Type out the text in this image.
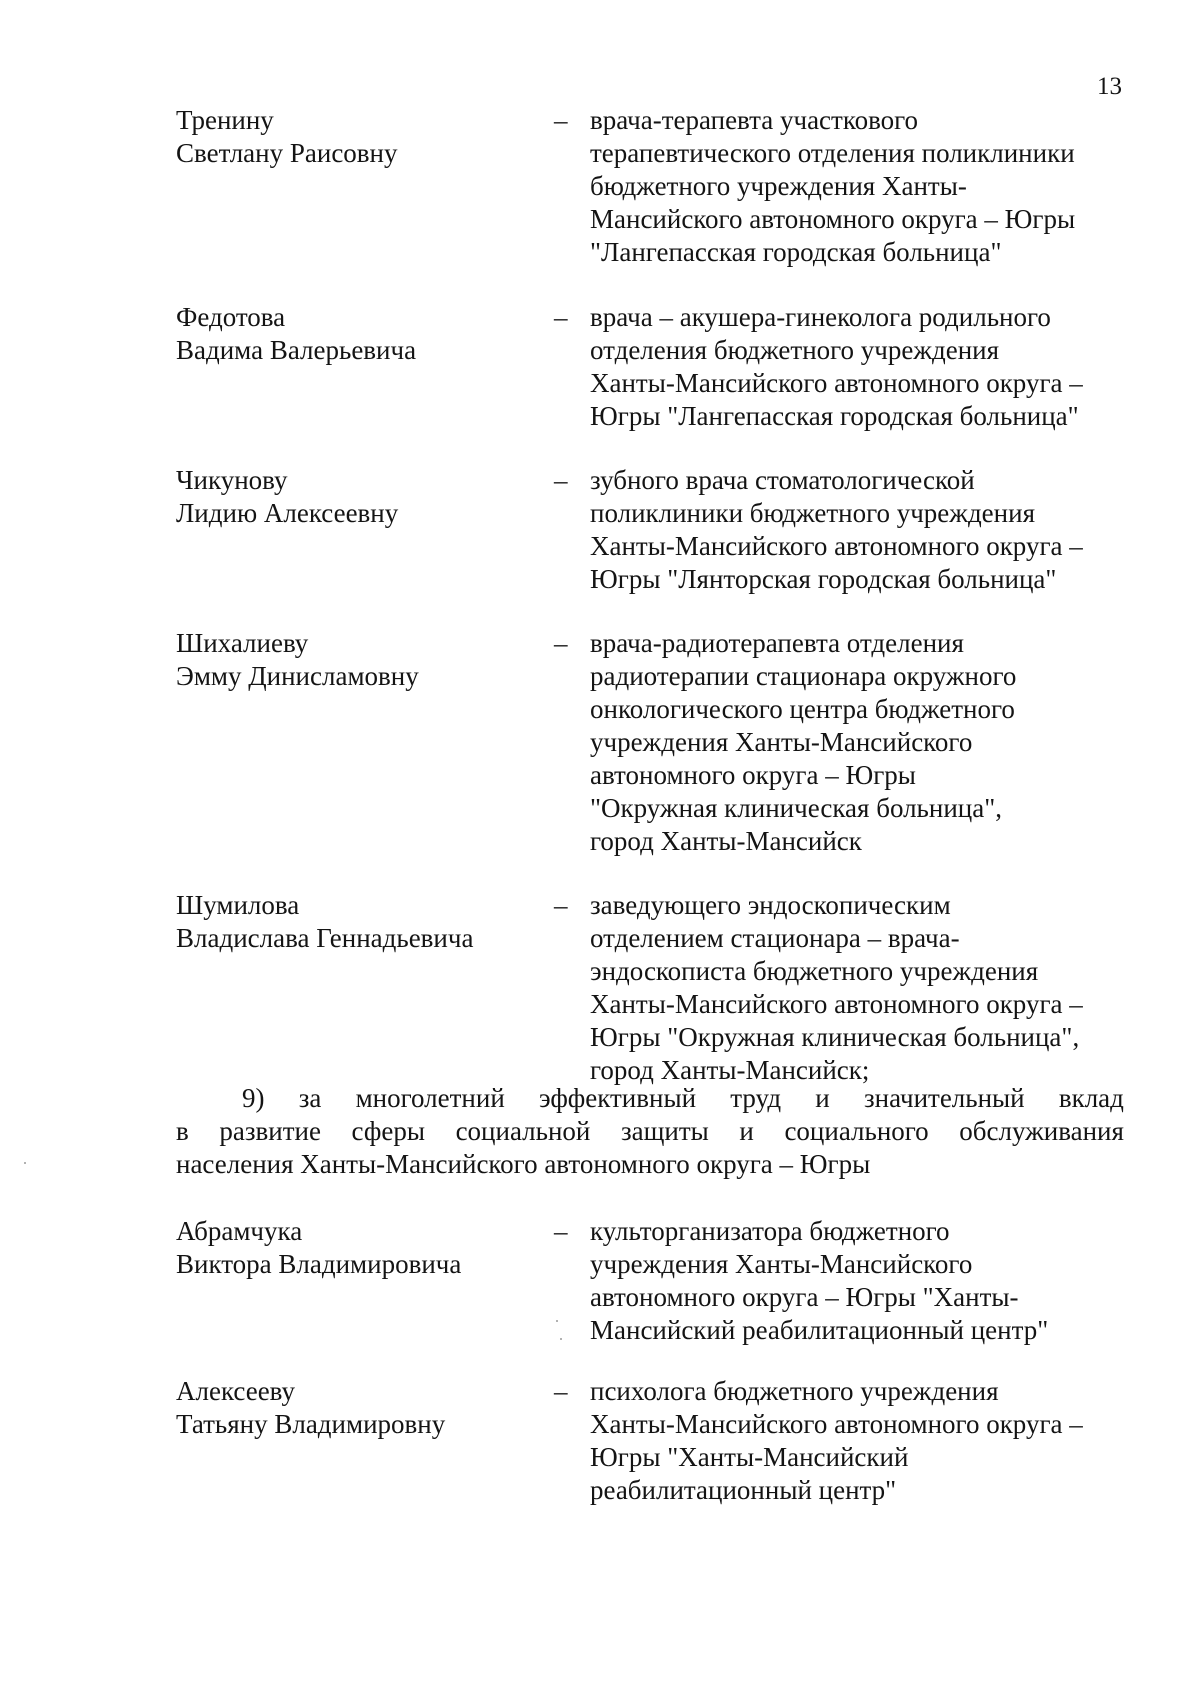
13
Тренину
Светлану Раисовну
– врача-терапевта участкового
терапевтического отделения поликлиники
бюджетного учреждения Ханты-
Мансийского автономного округа – Югры
"Лангепасская городская больница"
Федотова
Вадима Валерьевича
– врача – акушера-гинеколога родильного
отделения бюджетного учреждения
Ханты-Мансийского автономного округа –
Югры "Лангепасская городская больница"
Чикунову
Лидию Алексеевну
– зубного врача стоматологической
поликлиники бюджетного учреждения
Ханты-Мансийского автономного округа –
Югры "Лянторская городская больница"
Шихалиеву
Эмму Динисламовну
– врача-радиотерапевта отделения
радиотерапии стационара окружного
онкологического центра бюджетного
учреждения Ханты-Мансийского
автономного округа – Югры
"Окружная клиническая больница",
город Ханты-Мансийск
Шумилова
Владислава Геннадьевича
– заведующего эндоскопическим
отделением стационара – врача-
эндоскописта бюджетного учреждения
Ханты-Мансийского автономного округа –
Югры "Окружная клиническая больница",
город Ханты-Мансийск;
9) за многолетний эффективный труд и значительный вклад
в развитие сферы социальной защиты и социального обслуживания
населения Ханты-Мансийского автономного округа – Югры
Абрамчука
Виктора Владимировича
– культорганизатора бюджетного
учреждения Ханты-Мансийского
автономного округа – Югры "Ханты-
Мансийский реабилитационный центр"
Алексееву
Татьяну Владимировну
– психолога бюджетного учреждения
Ханты-Мансийского автономного округа –
Югры "Ханты-Мансийский
реабилитационный центр"
